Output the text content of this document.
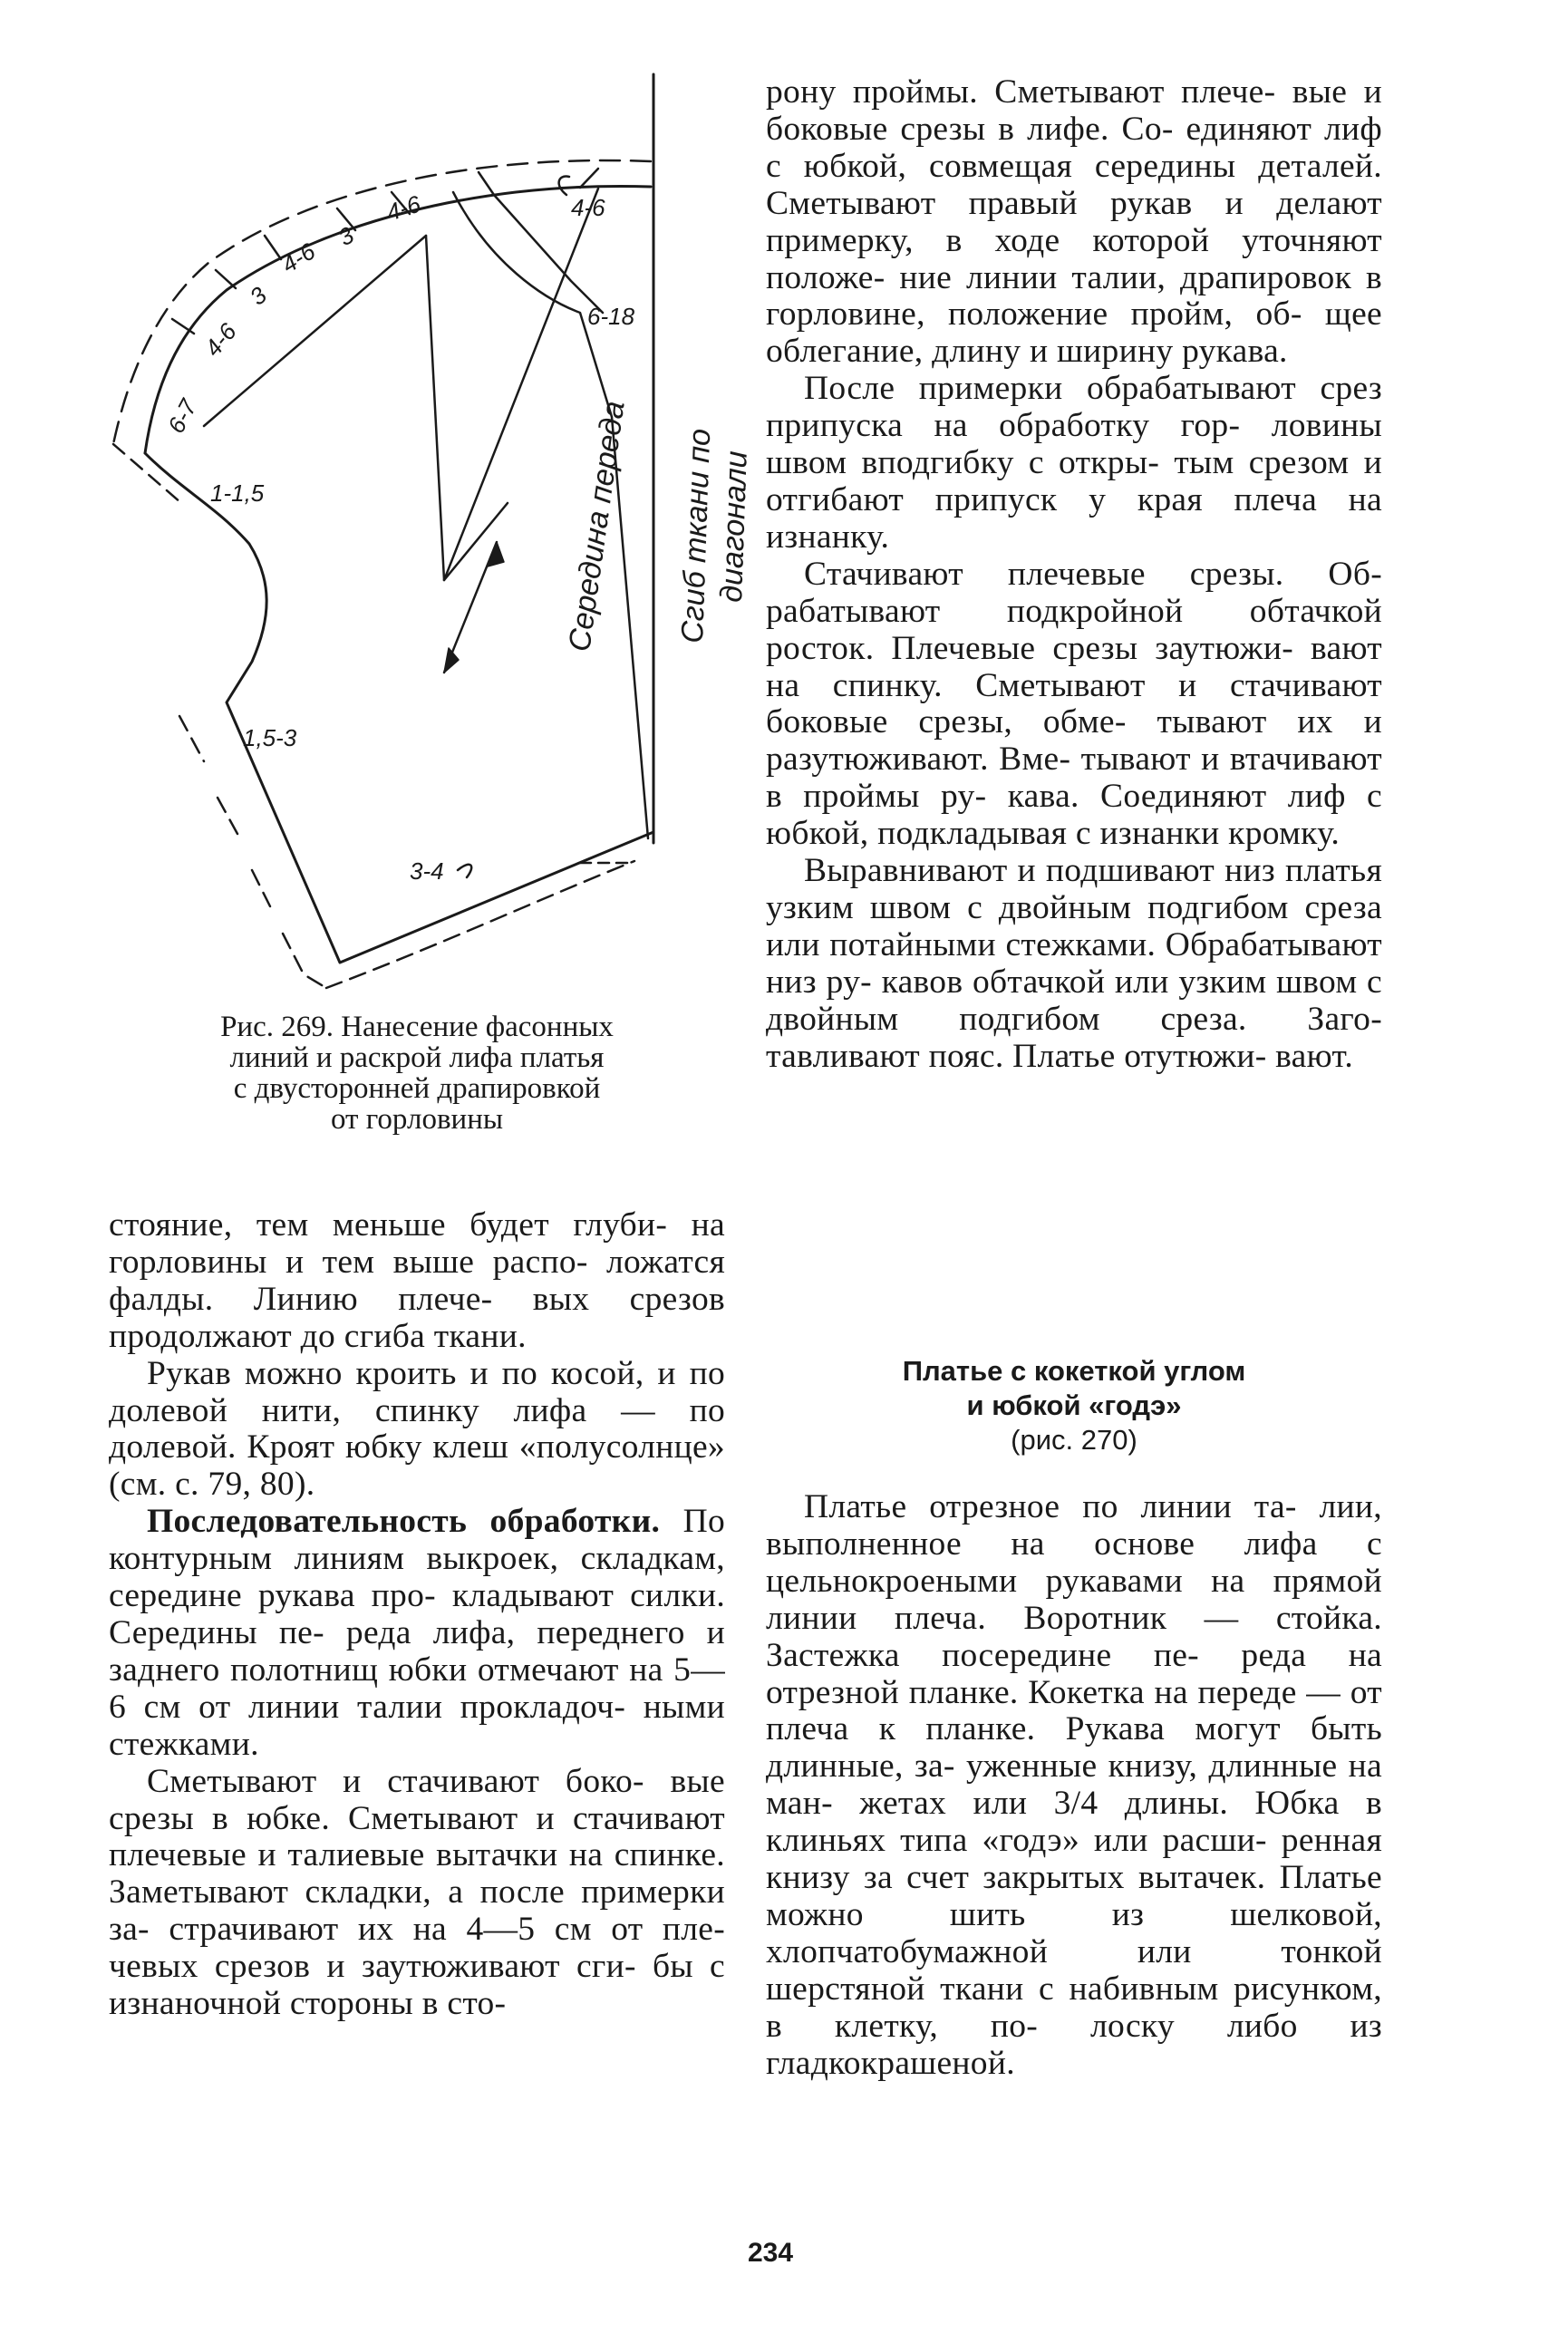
4-6
4-6
3
4-6
3
4-6
6-7
6-18
1-1,5
1,5-3
3-4
Середина переда Сгиб ткани по
диагонали
Рис. 269. Нанесение фасонных
линий и раскрой лифа платья
с двусторонней драпировкой
от горловины

стояние, тем меньше будет глуби- на горловины и тем выше распо- ложатся фалды. Линию плече- вых срезов продолжают до сгиба ткани.

Рукав можно кроить и по косой, и по долевой нити, спинку лифа — по долевой. Кроят юбку клеш «полусолнце» (см. с. 79, 80).

Последовательность обработки. По контурным линиям выкроек, складкам, середине рукава про- кладывают силки. Середины пе- реда лифа, переднего и заднего полотнищ юбки отмечают на 5— 6 см от линии талии прокладоч- ными стежками.

Сметывают и стачивают боко- вые срезы в юбке. Сметывают и стачивают плечевые и талиевые вытачки на спинке. Заметывают складки, а после примерки за- страчивают их на 4—5 см от пле- чевых срезов и заутюживают сги- бы с изнаночной стороны в сто-

рону проймы. Сметывают плече- вые и боковые срезы в лифе. Со- единяют лиф с юбкой, совмещая середины деталей. Сметывают правый рукав и делают примерку, в ходе которой уточняют положе- ние линии талии, драпировок в горловине, положение пройм, об- щее облегание, длину и ширину рукава.

После примерки обрабатывают срез припуска на обработку гор- ловины швом вподгибку с откры- тым срезом и отгибают припуск у края плеча на изнанку.

Стачивают плечевые срезы. Об- рабатывают подкройной обтачкой росток. Плечевые срезы заутюжи- вают на спинку. Сметывают и стачивают боковые срезы, обме- тывают их и разутюживают. Вме- тывают и втачивают в проймы ру- кава. Соединяют лиф с юбкой, подкладывая с изнанки кромку.

Выравнивают и подшивают низ платья узким швом с двойным подгибом среза или потайными стежками. Обрабатывают низ ру- кавов обтачкой или узким швом с двойным подгибом среза. Заго- тавливают пояс. Платье отутюжи- вают.

Платье с кокеткой углом
и юбкой «годэ»
(рис. 270)

Платье отрезное по линии та- лии, выполненное на основе лифа с цельнокроеными рукавами на прямой линии плеча. Воротник — стойка. Застежка посередине пе- реда на отрезной планке. Кокетка на переде — от плеча к планке. Рукава могут быть длинные, за- уженные книзу, длинные на ман- жетах или 3/4 длины. Юбка в клиньях типа «годэ» или расши- ренная книзу за счет закрытых вытачек. Платье можно шить из	шелковой, хлопчатобумажной	или тонкой шерстяной ткани с набивным рисунком, в клетку, по- лоску либо из гладкокрашеной.

234
